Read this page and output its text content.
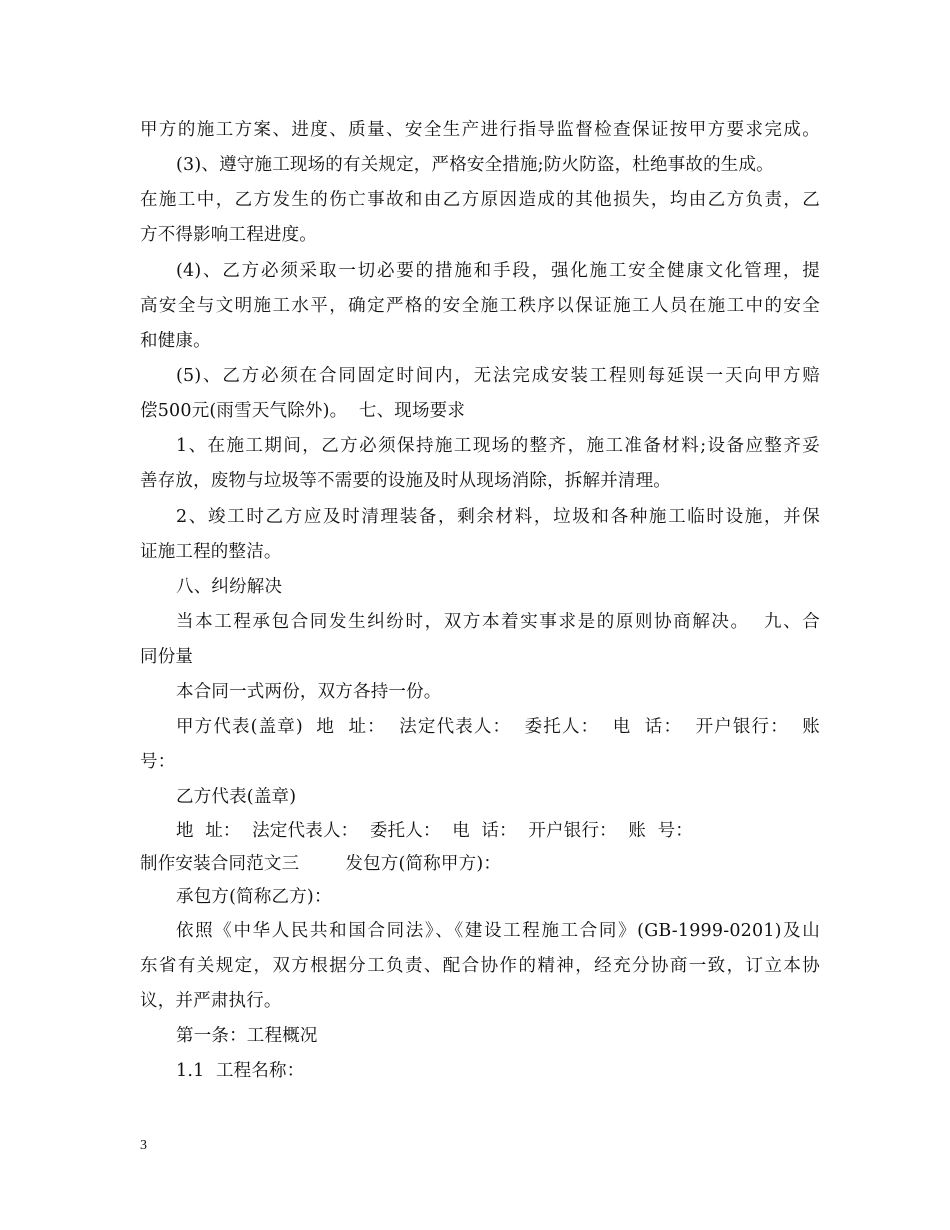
甲方的施工方案、进度、质量、安全生产进行指导监督检查保证按甲方要求完成。
(3)、遵守施工现场的有关规定，严格安全措施;防火防盗，杜绝事故的生成。
在施工中，乙方发生的伤亡事故和由乙方原因造成的其他损失，均由乙方负责，乙
方不得影响工程进度。
(4)、乙方必须采取一切必要的措施和手段，强化施工安全健康文化管理，提
高安全与文明施工水平，确定严格的安全施工秩序以保证施工人员在施工中的安全
和健康。
(5)、乙方必须在合同固定时间内，无法完成安装工程则每延误一天向甲方赔
偿500元(雨雪天气除外)。  七、现场要求
1、在施工期间，乙方必须保持施工现场的整齐，施工准备材料;设备应整齐妥
善存放，废物与垃圾等不需要的设施及时从现场消除，拆解并清理。
2、竣工时乙方应及时清理装备，剩余材料，垃圾和各种施工临时设施，并保
证施工程的整洁。
八、纠纷解决
当本工程承包合同发生纠纷时，双方本着实事求是的原则协商解决。  九、合
同份量
本合同一式两份，双方各持一份。
甲方代表(盖章)  地  址：  法定代表人：  委托人：  电  话：  开户银行：  账
号：
乙方代表(盖章)
地  址：  法定代表人：  委托人：  电  话：  开户银行：  账  号：
制作安装合同范文三        发包方(简称甲方)：
承包方(简称乙方)：
依照《中华人民共和国合同法》、《建设工程施工合同》(GB-1999-0201)及山
东省有关规定，双方根据分工负责、配合协作的精神，经充分协商一致，订立本协
议，并严肃执行。
第一条：工程概况
1.1  工程名称：
3
